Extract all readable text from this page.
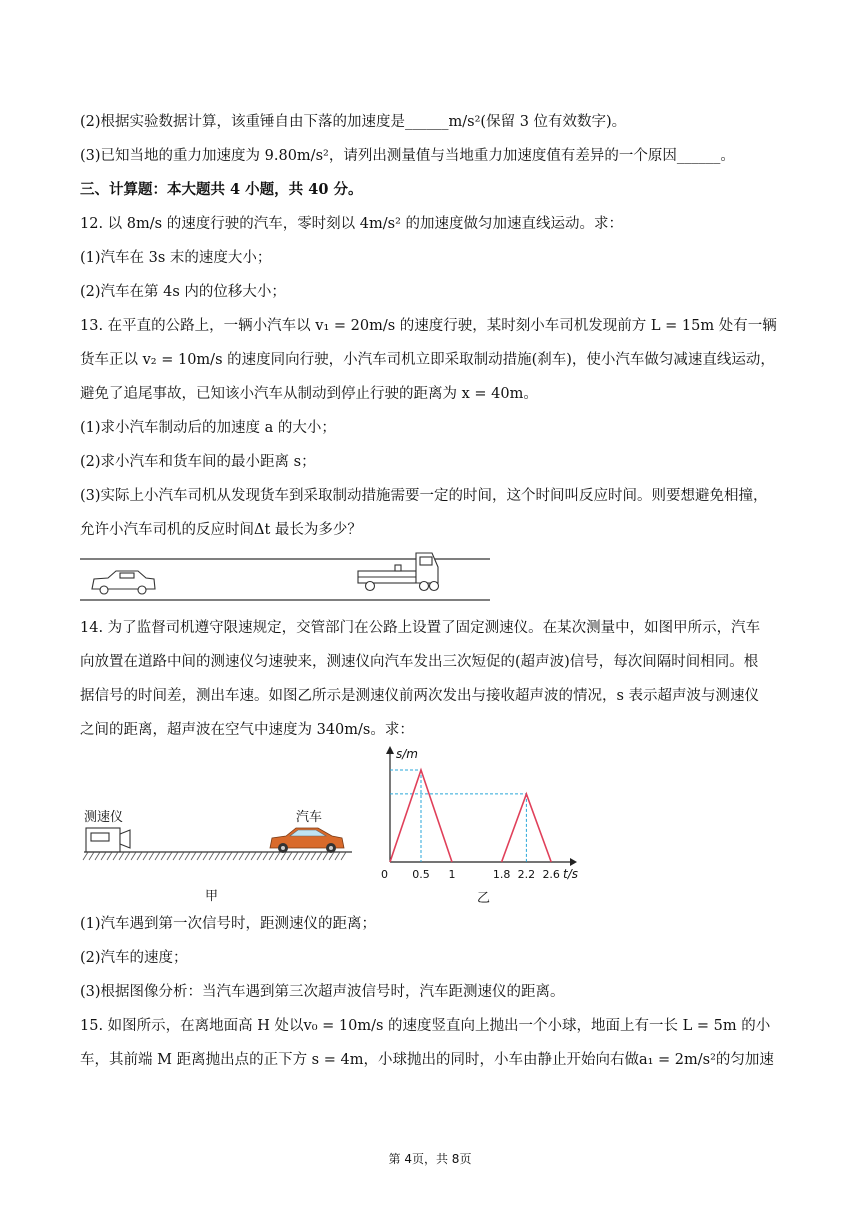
(2)根据实验数据计算，该重锤自由下落的加速度是______m/s²(保留 3 位有效数字)。
(3)已知当地的重力加速度为 9.80m/s²，请列出测量值与当地重力加速度值有差异的一个原因______。
三、计算题：本大题共 4 小题，共 40 分。
12. 以 8m/s 的速度行驶的汽车，零时刻以 4m/s² 的加速度做匀加速直线运动。求：
(1)汽车在 3s 末的速度大小；
(2)汽车在第 4s 内的位移大小；
13. 在平直的公路上，一辆小汽车以 v₁ = 20m/s 的速度行驶，某时刻小车司机发现前方 L = 15m 处有一辆
货车正以 v₂ = 10m/s 的速度同向行驶，小汽车司机立即采取制动措施(刹车)，使小汽车做匀减速直线运动，
避免了追尾事故，已知该小汽车从制动到停止行驶的距离为 x = 40m。
(1)求小汽车制动后的加速度 a 的大小；
(2)求小汽车和货车间的最小距离 s；
(3)实际上小汽车司机从发现货车到采取制动措施需要一定的时间，这个时间叫反应时间。则要想避免相撞，
允许小汽车司机的反应时间Δt 最长为多少？
14. 为了监督司机遵守限速规定，交管部门在公路上设置了固定测速仪。在某次测量中，如图甲所示，汽车
向放置在道路中间的测速仪匀速驶来，测速仪向汽车发出三次短促的(超声波)信号，每次间隔时间相同。根
据信号的时间差，测出车速。如图乙所示是测速仪前两次发出与接收超声波的情况，s 表示超声波与测速仪
之间的距离，超声波在空气中速度为 340m/s。求：
测速仪	汽车
甲
s/m
t/s
0 0.5 1	1.8 2.2 2.6
乙
(1)汽车遇到第一次信号时，距测速仪的距离；
(2)汽车的速度；
(3)根据图像分析：当汽车遇到第三次超声波信号时，汽车距测速仪的距离。
15. 如图所示，在离地面高 H 处以v₀ = 10m/s 的速度竖直向上抛出一个小球，地面上有一长 L = 5m 的小
车，其前端 M 距离抛出点的正下方 s = 4m，小球抛出的同时，小车由静止开始向右做a₁ = 2m/s²的匀加速
第 4页，共 8页
